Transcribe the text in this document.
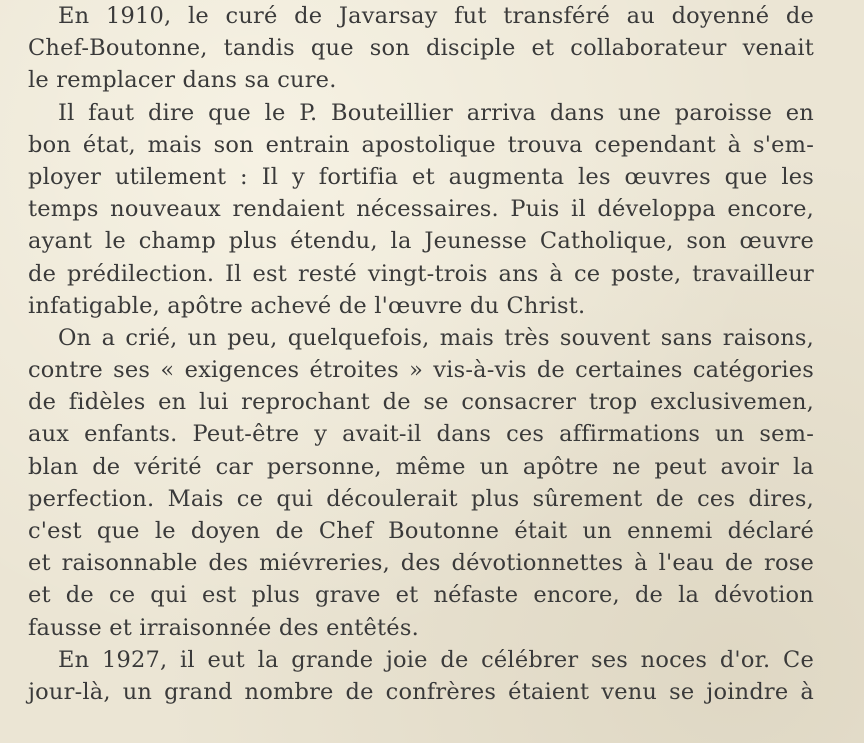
En 1910, le curé de Javarsay fut transféré au doyenné de
Chef-Boutonne, tandis que son disciple et collaborateur venait
le remplacer dans sa cure.
Il faut dire que le P. Bouteillier arriva dans une paroisse en
bon état, mais son entrain apostolique trouva cependant à s'em-
ployer utilement : Il y fortifia et augmenta les œuvres que les
temps nouveaux rendaient nécessaires. Puis il développa encore,
ayant le champ plus étendu, la Jeunesse Catholique, son œuvre
de prédilection. Il est resté vingt-trois ans à ce poste, travailleur
infatigable, apôtre achevé de l'œuvre du Christ.
On a crié, un peu, quelquefois, mais très souvent sans raisons,
contre ses « exigences étroites » vis-à-vis de certaines catégories
de fidèles en lui reprochant de se consacrer trop exclusivemen,
aux enfants. Peut-être y avait-il dans ces affirmations un sem-
blan de vérité car personne, même un apôtre ne peut avoir la
perfection. Mais ce qui découlerait plus sûrement de ces dires,
c'est que le doyen de Chef Boutonne était un ennemi déclaré
et raisonnable des miévreries, des dévotionnettes à l'eau de rose
et de ce qui est plus grave et néfaste encore, de la dévotion
fausse et irraisonnée des entêtés.
En 1927, il eut la grande joie de célébrer ses noces d'or. Ce
jour-là, un grand nombre de confrères étaient venu se joindre à
